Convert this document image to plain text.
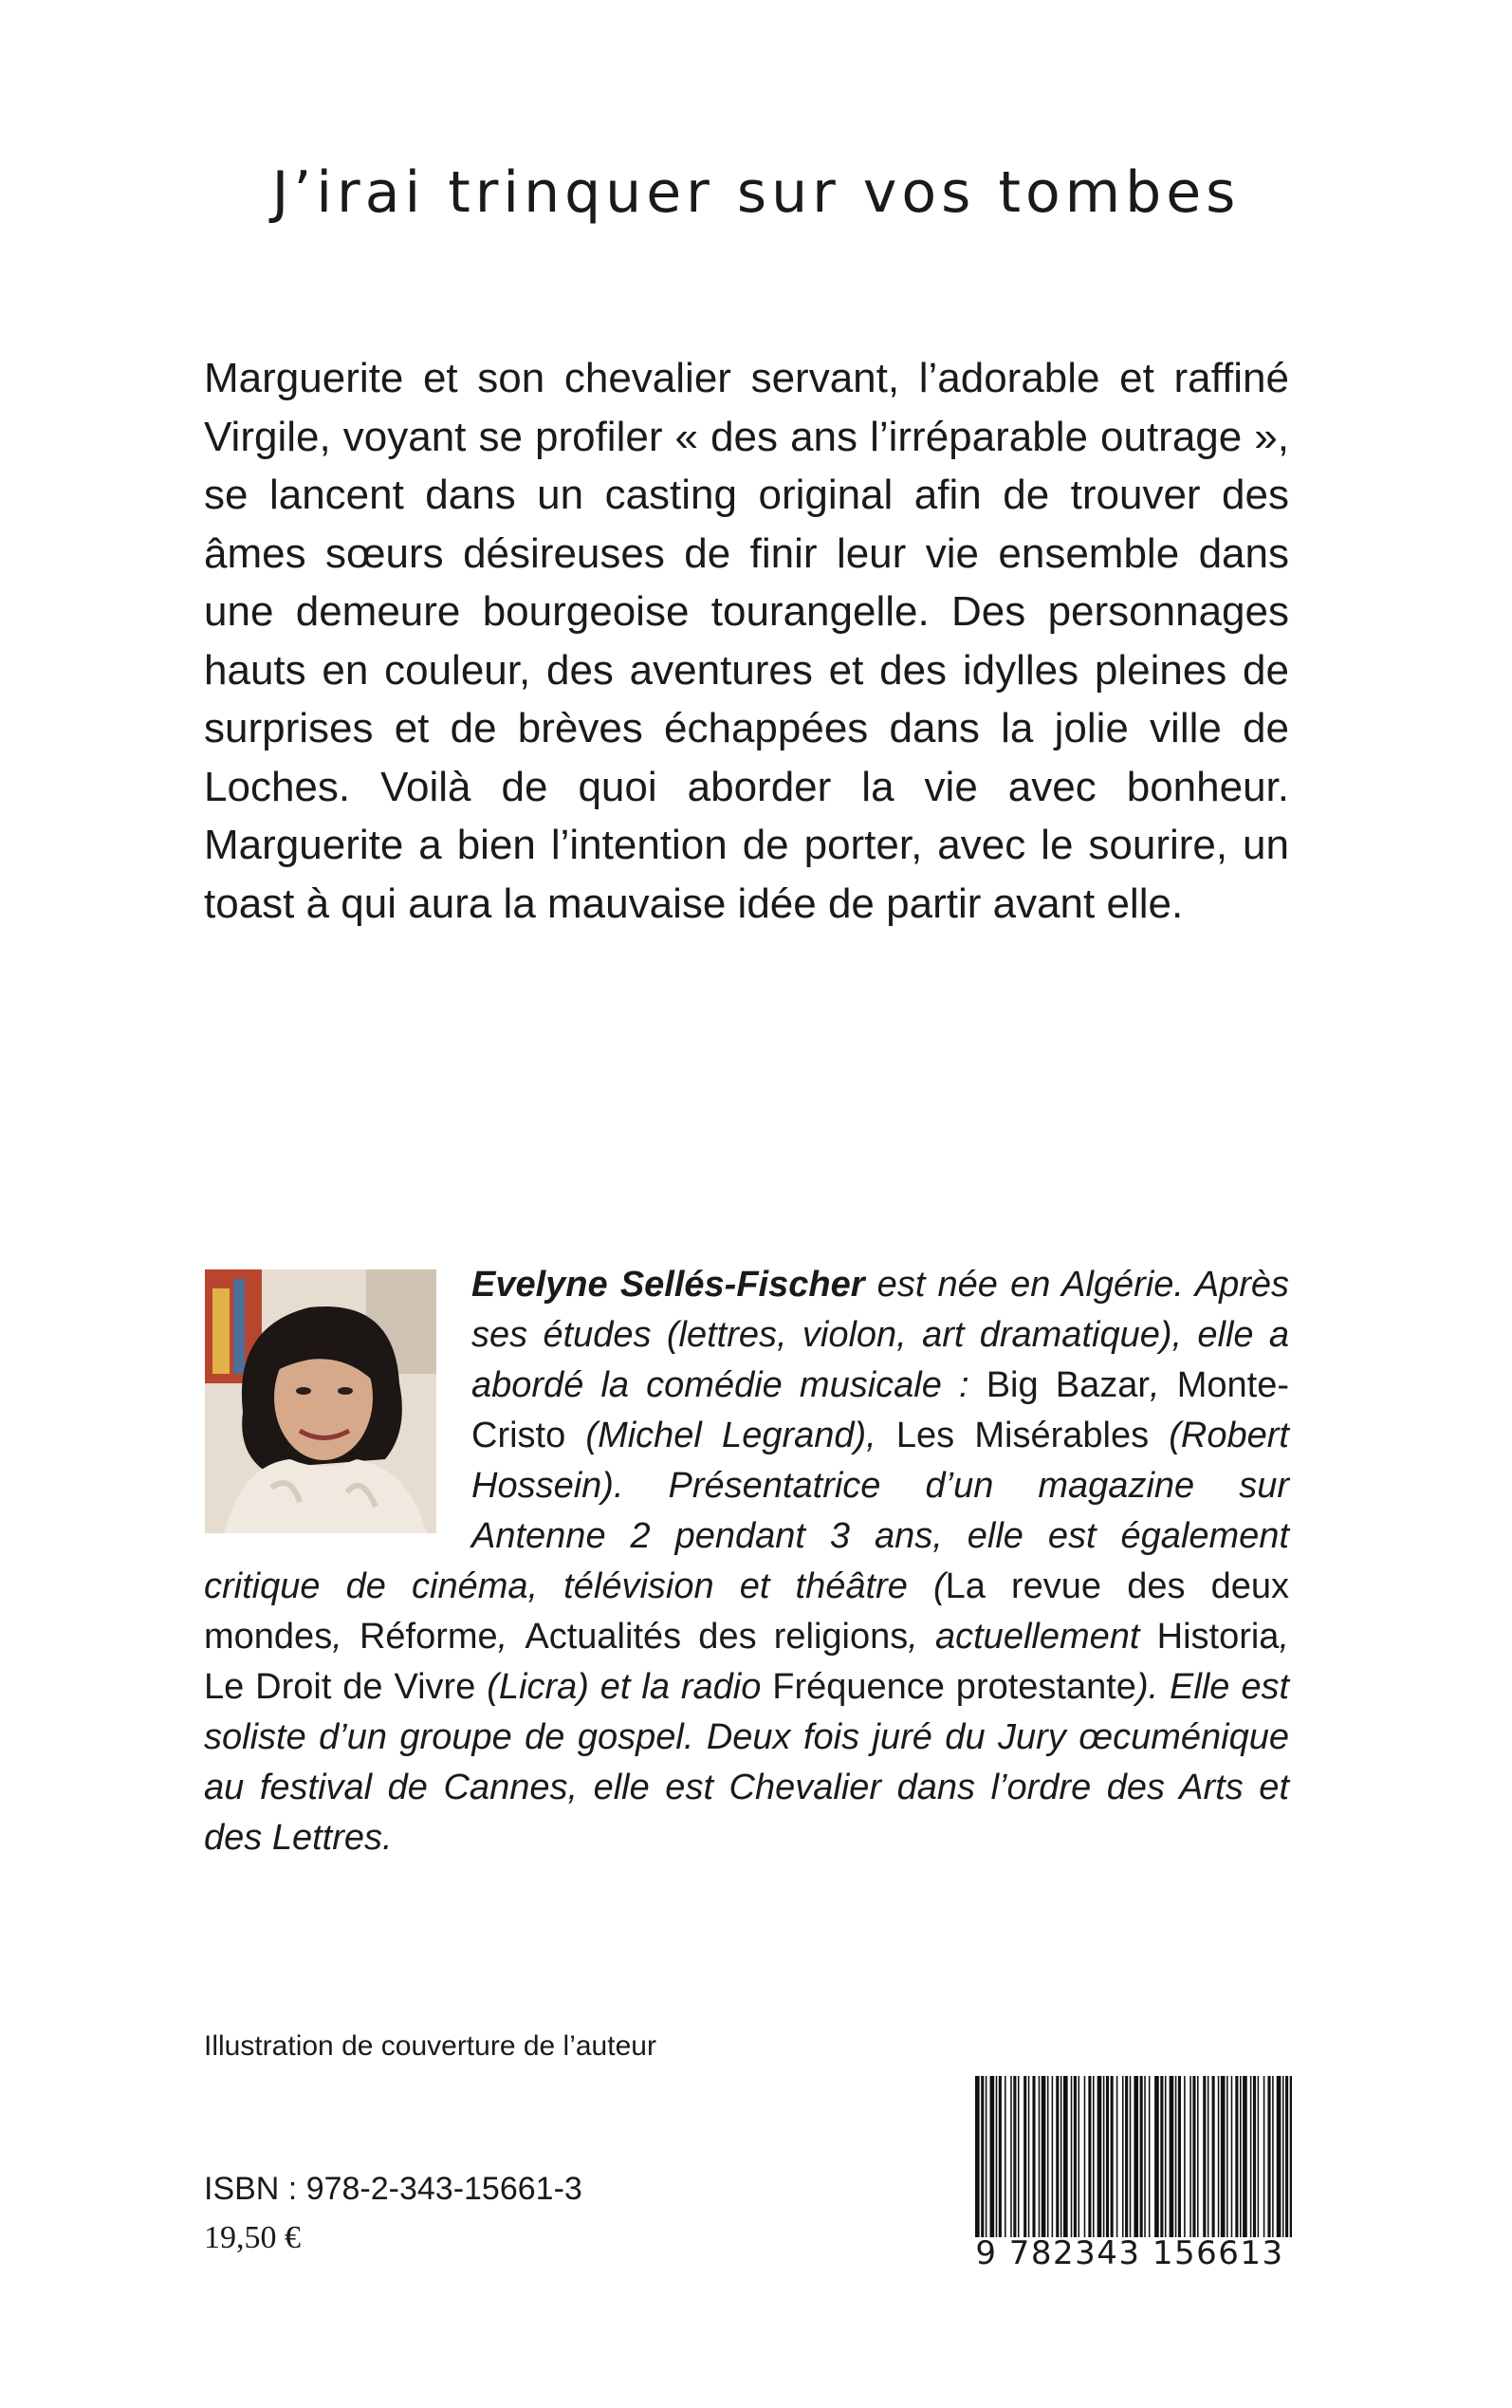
J’irai trinquer sur vos tombes

Marguerite et son chevalier servant, l’adorable et raffiné Virgile, voyant se profiler « des ans l’irréparable outrage », se lancent dans un casting original afin de trouver des âmes sœurs désireuses de finir leur vie ensemble dans une demeure bourgeoise tourangelle. Des personnages hauts en couleur, des aventures et des idylles pleines de surprises et de brèves échappées dans la jolie ville de Loches. Voilà de quoi aborder la vie avec bonheur. Marguerite a bien l’intention de porter, avec le sourire, un toast à qui aura la mauvaise idée de partir avant elle.

Evelyne Sellés-Fischer est née en Algérie. Après ses études (lettres, violon, art dramatique), elle a abordé la comédie musicale : Big Bazar, Monte-Cristo (Michel Legrand), Les Misérables (Robert Hossein). Présentatrice d’un magazine sur Antenne 2 pendant 3 ans, elle est également critique de cinéma, télévision et théâtre (La revue des deux mondes, Réforme, Actualités des religions, actuellement Historia, Le Droit de Vivre (Licra) et la radio Fréquence protestante). Elle est soliste d’un groupe de gospel. Deux fois juré du Jury œcuménique au festival de Cannes, elle est Chevalier dans l’ordre des Arts et des Lettres.

Illustration de couverture de l’auteur

ISBN : 978-2-343-15661-3

19,50 €	9 782343 156613
